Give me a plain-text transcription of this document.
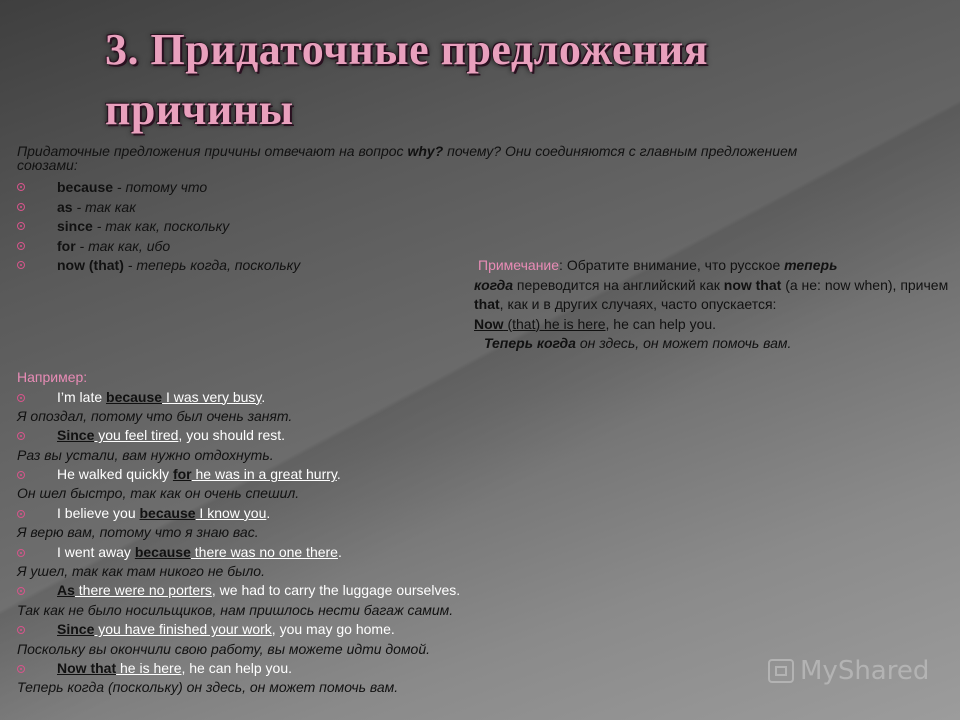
3. Придаточные предложения причины

Придаточные предложения причины отвечают на вопрос why? почему? Они соединяются с главным предложением союзами:

because - потому что
as - так как
since - так как, поскольку
for - так как, ибо
now (that) - теперь когда, поскольку	Примечание: Обратите внимание, что русское теперь
когда переводится на английский как now that (а не: now when), причем that, как и в других случаях, часто опускается:
Now (that) he is here, he can help you.
Теперь когда он здесь, он может помочь вам.
Например:
I’m late because I was very busy.
Я опоздал, потому что был очень занят.
Since you feel tired, you should rest.
Раз вы устали, вам нужно отдохнуть.
He walked quickly for he was in a great hurry.
Он шел быстро, так как он очень спешил.
I believe you because I know you.
Я верю вам, потому что я знаю вас.
I went away because there was no one there.
Я ушел, так как там никого не было.
As there were no porters, we had to carry the luggage ourselves.
Так как не было носильщиков, нам пришлось нести багаж самим.
Since you have finished your work, you may go home.
Поскольку вы окончили свою работу, вы можете идти домой.
Now that he is here, he can help you.
Теперь когда (поскольку) он здесь, он может помочь вам.
MyShared
